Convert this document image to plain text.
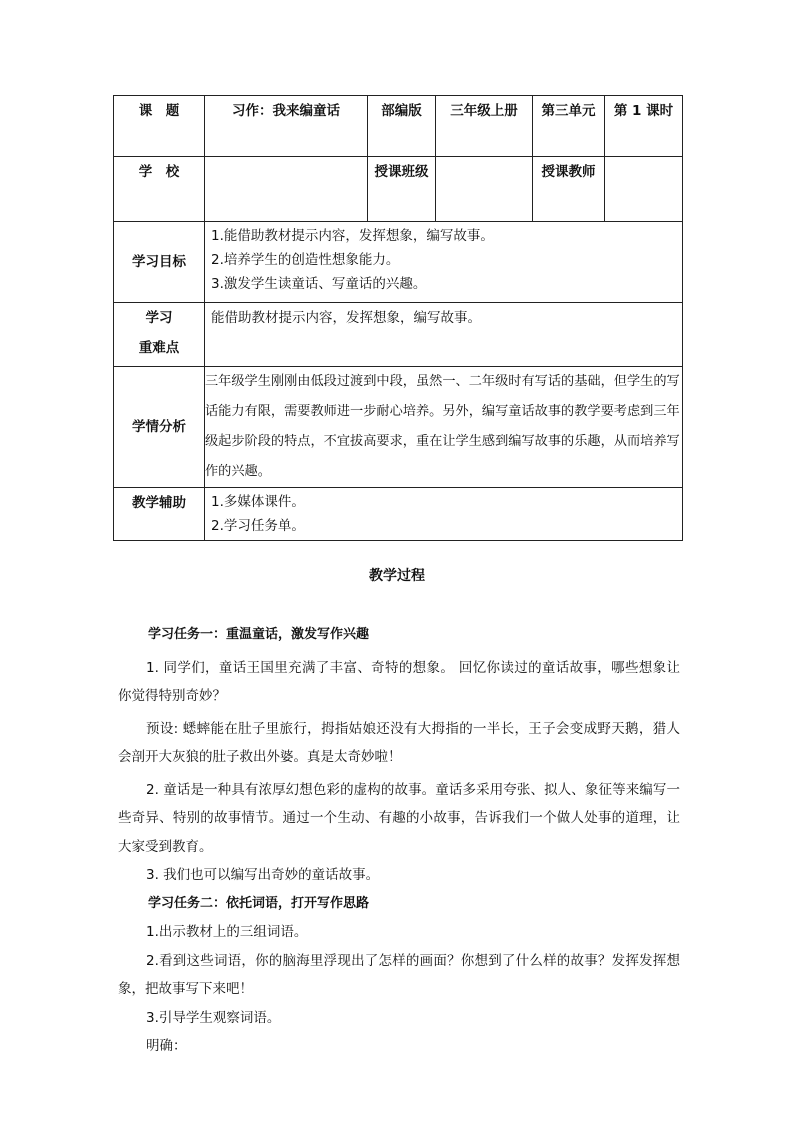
课　题	习作：我来编童话	部编版	三年级上册	第三单元	第 1 课时
学　校		授课班级		授课教师	
学习目标	1.能借助教材提示内容，发挥想象，编写故事。
2.培养学生的创造性想象能力。
3.激发学生读童话、写童话的兴趣。				

学习
重难点	能借助教材提示内容，发挥想象，编写故事。				
学情分析	三年级学生刚刚由低段过渡到中段，虽然一、二年级时有写话的基础，但学生的写话能力有限，需要教师进一步耐心培养。另外，编写童话故事的教学要考虑到三年级起步阶段的特点，不宜拔高要求，重在让学生感到编写故事的乐趣，从而培养写作的兴趣。				
教学辅助	1.多媒体课件。
2.学习任务单。				
教学过程

学习任务一：重温童话，激发写作兴趣

1. 同学们，童话王国里充满了丰富、奇特的想象。 回忆你读过的童话故事，哪些想象让你觉得特别奇妙？

预设: 蟋蟀能在肚子里旅行，拇指姑娘还没有大拇指的一半长，王子会变成野天鹅，猎人会剖开大灰狼的肚子救出外婆。真是太奇妙啦！

2. 童话是一种具有浓厚幻想色彩的虚构的故事。童话多采用夸张、拟人、象征等来编写一些奇异、特别的故事情节。通过一个生动、有趣的小故事，告诉我们一个做人处事的道理，让大家受到教育。

3. 我们也可以编写出奇妙的童话故事。

学习任务二：依托词语，打开写作思路

1.出示教材上的三组词语。

2.看到这些词语，你的脑海里浮现出了怎样的画面？你想到了什么样的故事？发挥发挥想象，把故事写下来吧！

3.引导学生观察词语。

明确：
